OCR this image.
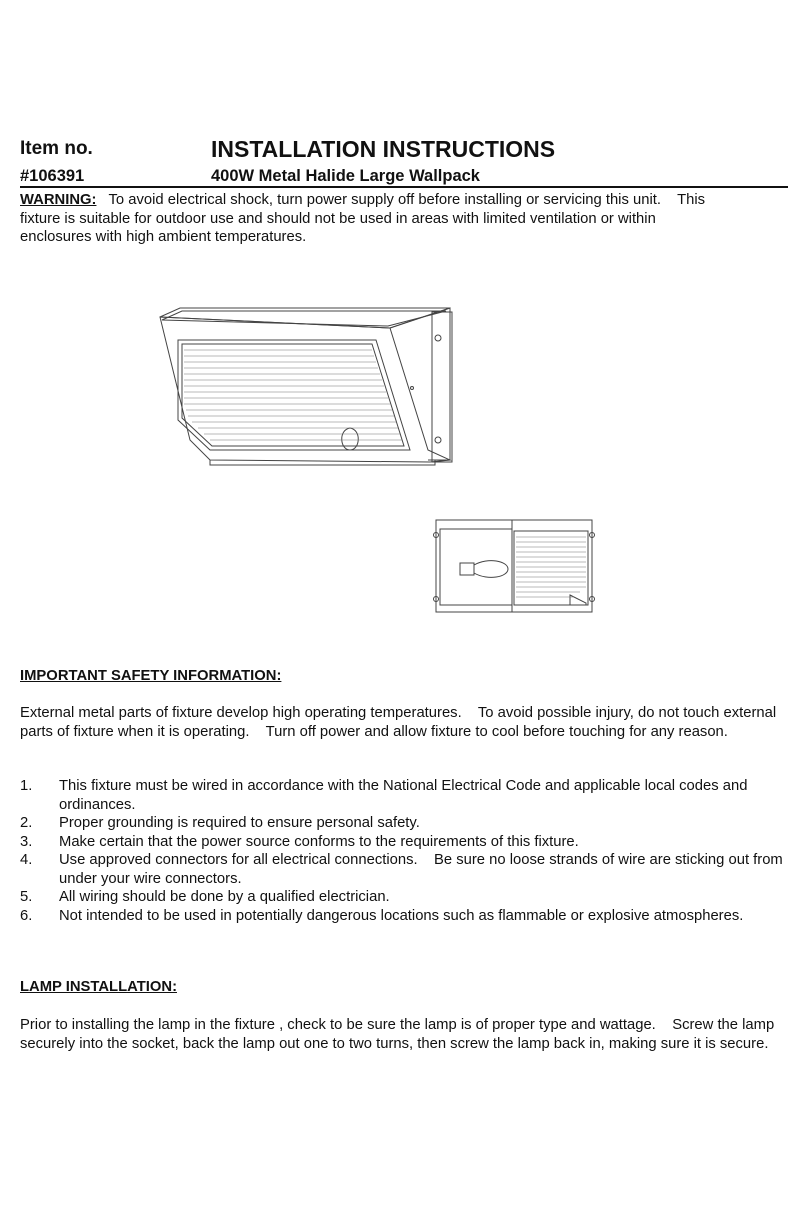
Item no.	INSTALLATION INSTRUCTIONS
#106391	400W Metal Halide Large Wallpack
WARNING: To avoid electrical shock, turn power supply off before installing or servicing this unit.    This fixture is suitable for outdoor use and should not be used in areas with limited ventilation or within enclosures with high ambient temperatures.
IMPORTANT SAFETY INFORMATION:
External metal parts of fixture develop high operating temperatures.    To avoid possible injury, do not touch external parts of fixture when it is operating.    Turn off power and allow fixture to cool before touching for any reason.
1. This fixture must be wired in accordance with the National Electrical Code and applicable local codes and ordinances.
2. Proper grounding is required to ensure personal safety.
3. Make certain that the power source conforms to the requirements of this fixture.
4. Use approved connectors for all electrical connections.    Be sure no loose strands of wire are sticking out from under your wire connectors.
5. All wiring should be done by a qualified electrician.
6. Not intended to be used in potentially dangerous locations such as flammable or explosive atmospheres.
LAMP INSTALLATION:
Prior to installing the lamp in the fixture , check to be sure the lamp is of proper type and wattage.    Screw the lamp securely into the socket, back the lamp out one to two turns, then screw the lamp back in, making sure it is secure.
